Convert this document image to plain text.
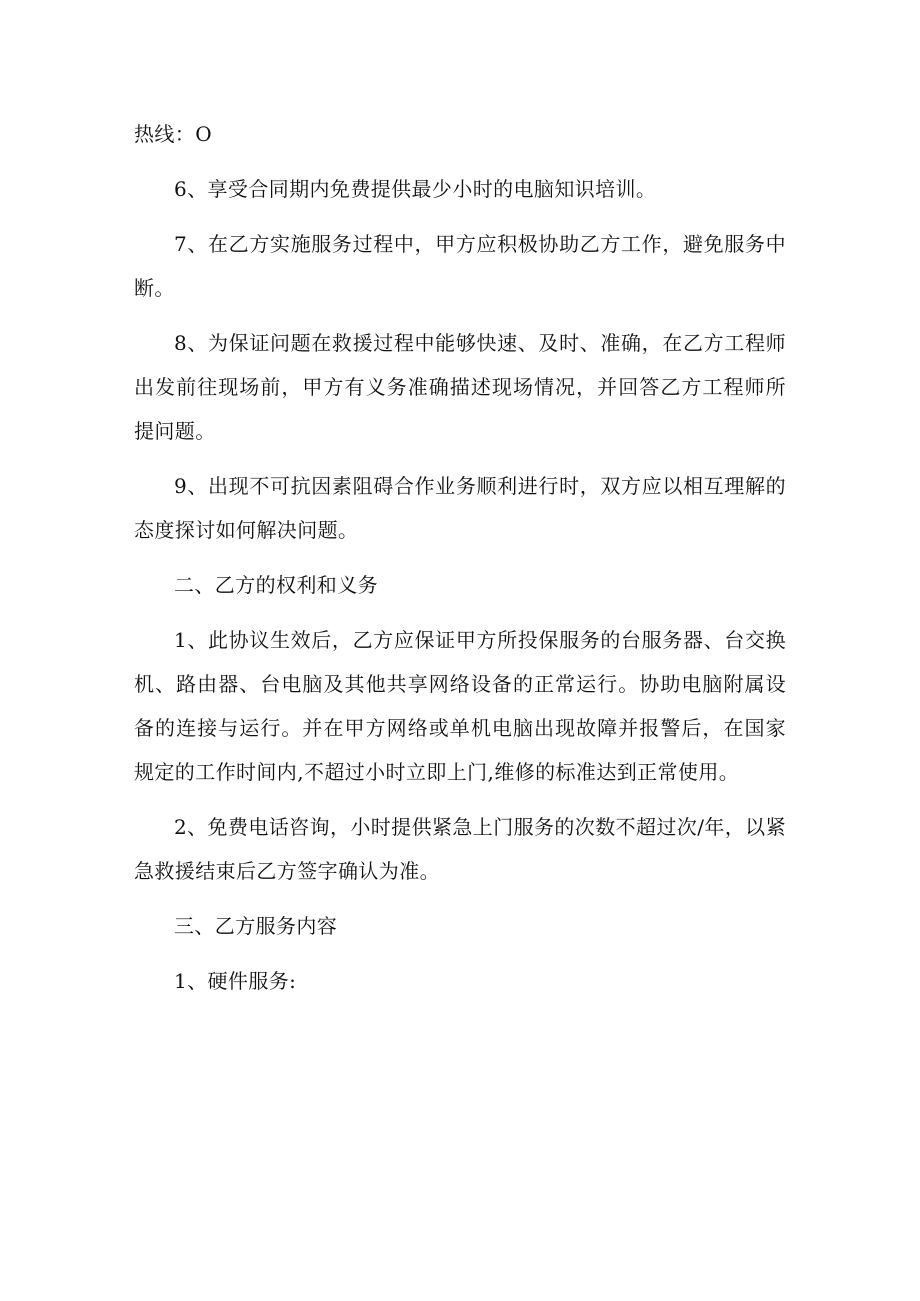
热线：O

6、享受合同期内免费提供最少小时的电脑知识培训。

7、在乙方实施服务过程中，甲方应积极协助乙方工作，避免服务中断。

8、为保证问题在救援过程中能够快速、及时、准确，在乙方工程师出发前往现场前，甲方有义务准确描述现场情况，并回答乙方工程师所提问题。

9、出现不可抗因素阻碍合作业务顺利进行时，双方应以相互理解的态度探讨如何解决问题。

二、乙方的权利和义务

1、此协议生效后，乙方应保证甲方所投保服务的台服务器、台交换机、路由器、台电脑及其他共享网络设备的正常运行。协助电脑附属设备的连接与运行。并在甲方网络或单机电脑出现故障并报警后，在国家规定的工作时间内,不超过小时立即上门,维修的标准达到正常使用。

2、免费电话咨询，小时提供紧急上门服务的次数不超过次/年，以紧急救援结束后乙方签字确认为准。

三、乙方服务内容

1、硬件服务:
